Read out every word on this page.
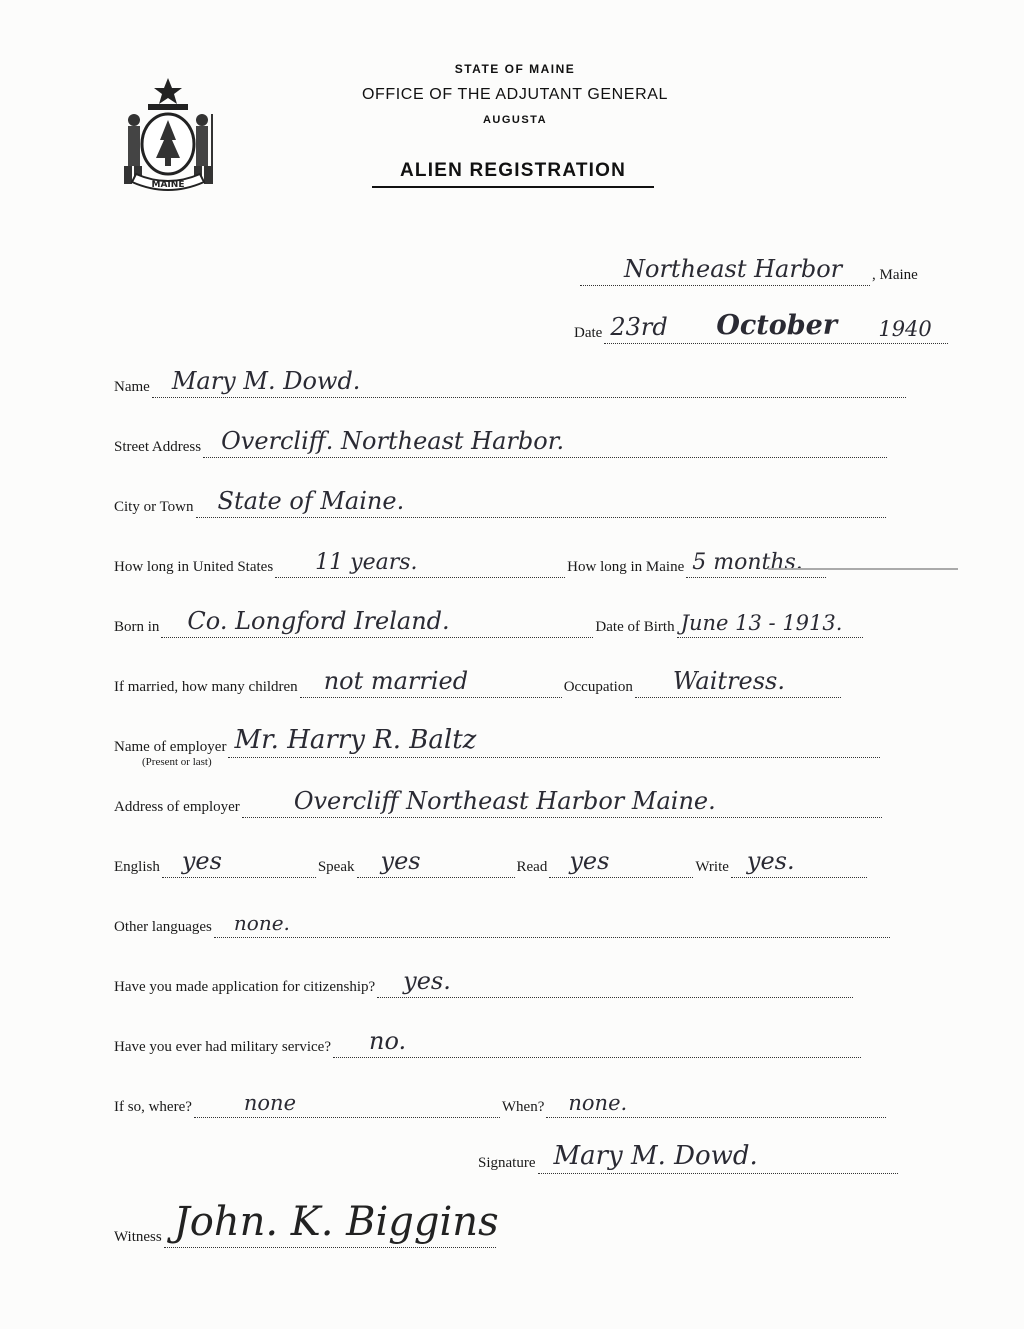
MAINE
STATE OF MAINE
OFFICE OF THE ADJUTANT GENERAL
AUGUSTA
ALIEN REGISTRATION
Northeast Harbor , Maine
Date 23rd October 1940
Name Mary M. Dowd.
Street Address Overcliff. Northeast Harbor.
City or Town State of Maine.
How long in United States 11 years.	How long in Maine 5 months.
Born in Co. Longford Ireland.	Date of Birth June 13 - 1913.
If married, how many children not married	Occupation Waitress.
Name of employer Mr. Harry R. Baltz
(Present or last)
Address of employer Overcliff Northeast Harbor Maine.
English yes	Speak yes	Read yes	Write yes.
Other languages none.
Have you made application for citizenship? yes.
Have you ever had military service? no.
If so, where? none	When? none.
Signature Mary M. Dowd.
Witness John. K. Biggins
